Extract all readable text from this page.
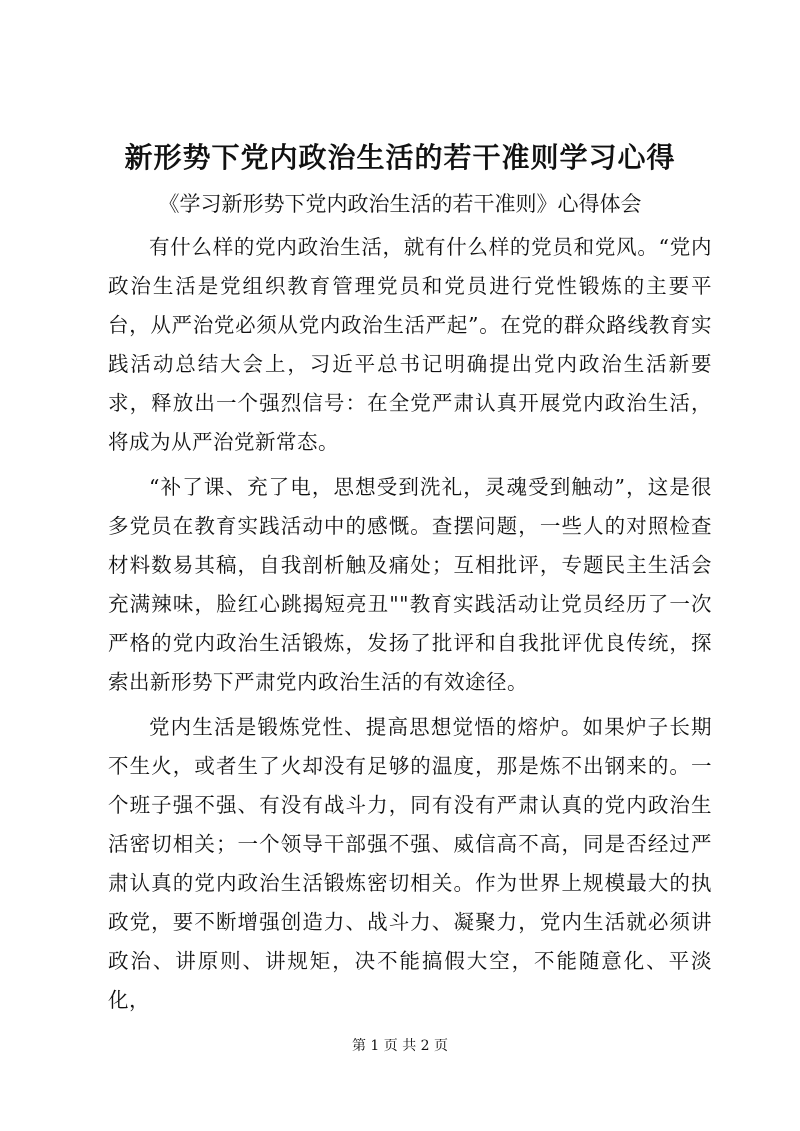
新形势下党内政治生活的若干准则学习心得

《学习新形势下党内政治生活的若干准则》心得体会

有什么样的党内政治生活，就有什么样的党员和党风。“党内政治生活是党组织教育管理党员和党员进行党性锻炼的主要平台，从严治党必须从党内政治生活严起”。在党的群众路线教育实践活动总结大会上，习近平总书记明确提出党内政治生活新要求，释放出一个强烈信号：在全党严肃认真开展党内政治生活，将成为从严治党新常态。

“补了课、充了电，思想受到洗礼，灵魂受到触动”，这是很多党员在教育实践活动中的感慨。查摆问题，一些人的对照检查材料数易其稿，自我剖析触及痛处；互相批评，专题民主生活会充满辣味，脸红心跳揭短亮丑""教育实践活动让党员经历了一次严格的党内政治生活锻炼，发扬了批评和自我批评优良传统，探索出新形势下严肃党内政治生活的有效途径。

党内生活是锻炼党性、提高思想觉悟的熔炉。如果炉子长期不生火，或者生了火却没有足够的温度，那是炼不出钢来的。一个班子强不强、有没有战斗力，同有没有严肃认真的党内政治生活密切相关；一个领导干部强不强、威信高不高，同是否经过严肃认真的党内政治生活锻炼密切相关。作为世界上规模最大的执政党，要不断增强创造力、战斗力、凝聚力，党内生活就必须讲政治、讲原则、讲规矩，决不能搞假大空，不能随意化、平淡化，

第 1 页 共 2 页
